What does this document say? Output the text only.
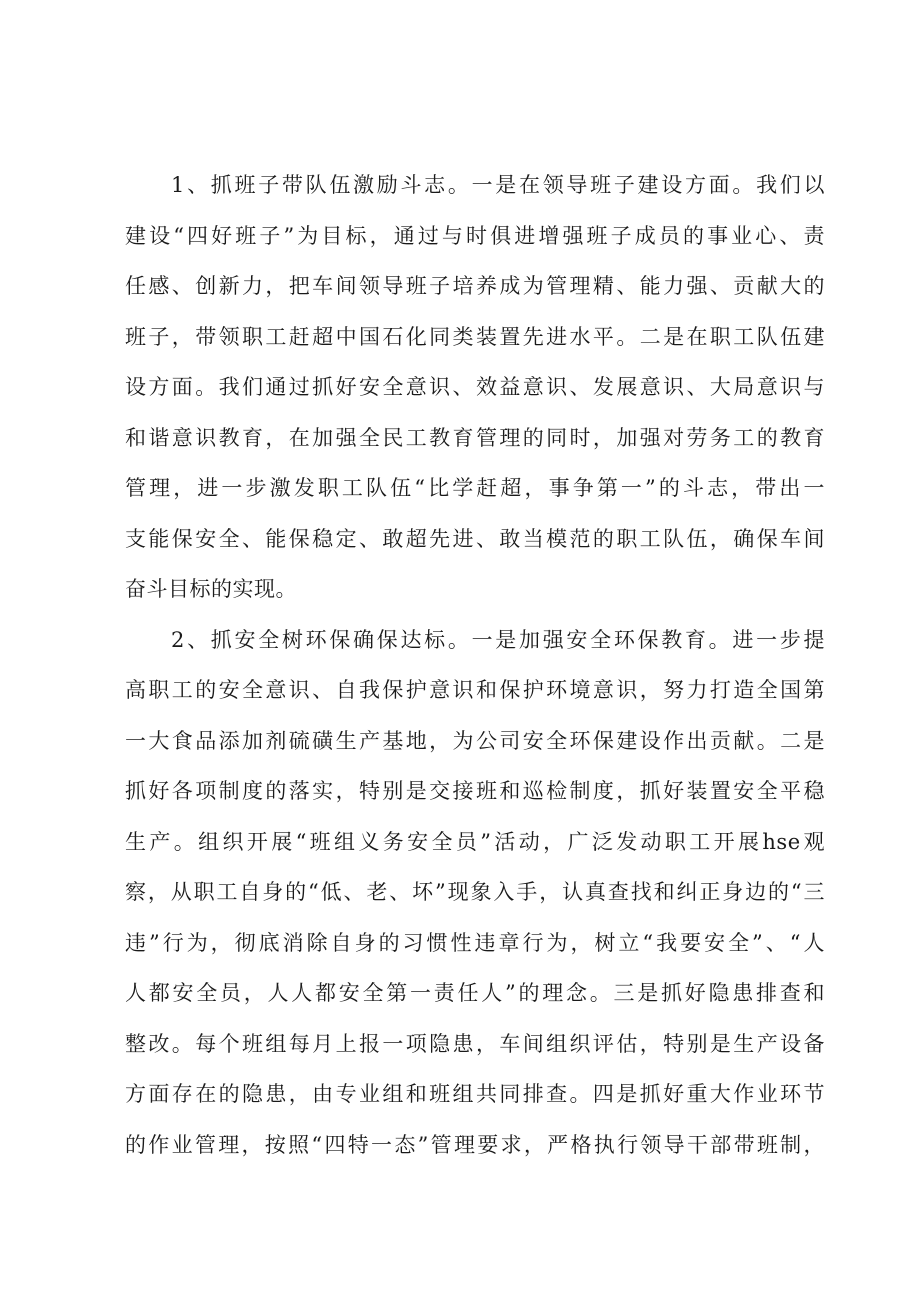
1、抓班子带队伍激励斗志。一是在领导班子建设方面。我们以
建设“四好班子”为目标，通过与时俱进增强班子成员的事业心、责
任感、创新力，把车间领导班子培养成为管理精、能力强、贡献大的
班子，带领职工赶超中国石化同类装置先进水平。二是在职工队伍建
设方面。我们通过抓好安全意识、效益意识、发展意识、大局意识与
和谐意识教育，在加强全民工教育管理的同时，加强对劳务工的教育
管理，进一步激发职工队伍“比学赶超，事争第一”的斗志，带出一
支能保安全、能保稳定、敢超先进、敢当模范的职工队伍，确保车间
奋斗目标的实现。
2、抓安全树环保确保达标。一是加强安全环保教育。进一步提
高职工的安全意识、自我保护意识和保护环境意识，努力打造全国第
一大食品添加剂硫磺生产基地，为公司安全环保建设作出贡献。二是
抓好各项制度的落实，特别是交接班和巡检制度，抓好装置安全平稳
生产。组织开展“班组义务安全员”活动，广泛发动职工开展hse观
察，从职工自身的“低、老、坏”现象入手，认真查找和纠正身边的“三
违”行为，彻底消除自身的习惯性违章行为，树立“我要安全”、“人
人都安全员，人人都安全第一责任人”的理念。三是抓好隐患排查和
整改。每个班组每月上报一项隐患，车间组织评估，特别是生产设备
方面存在的隐患，由专业组和班组共同排查。四是抓好重大作业环节
的作业管理，按照“四特一态”管理要求，严格执行领导干部带班制，
